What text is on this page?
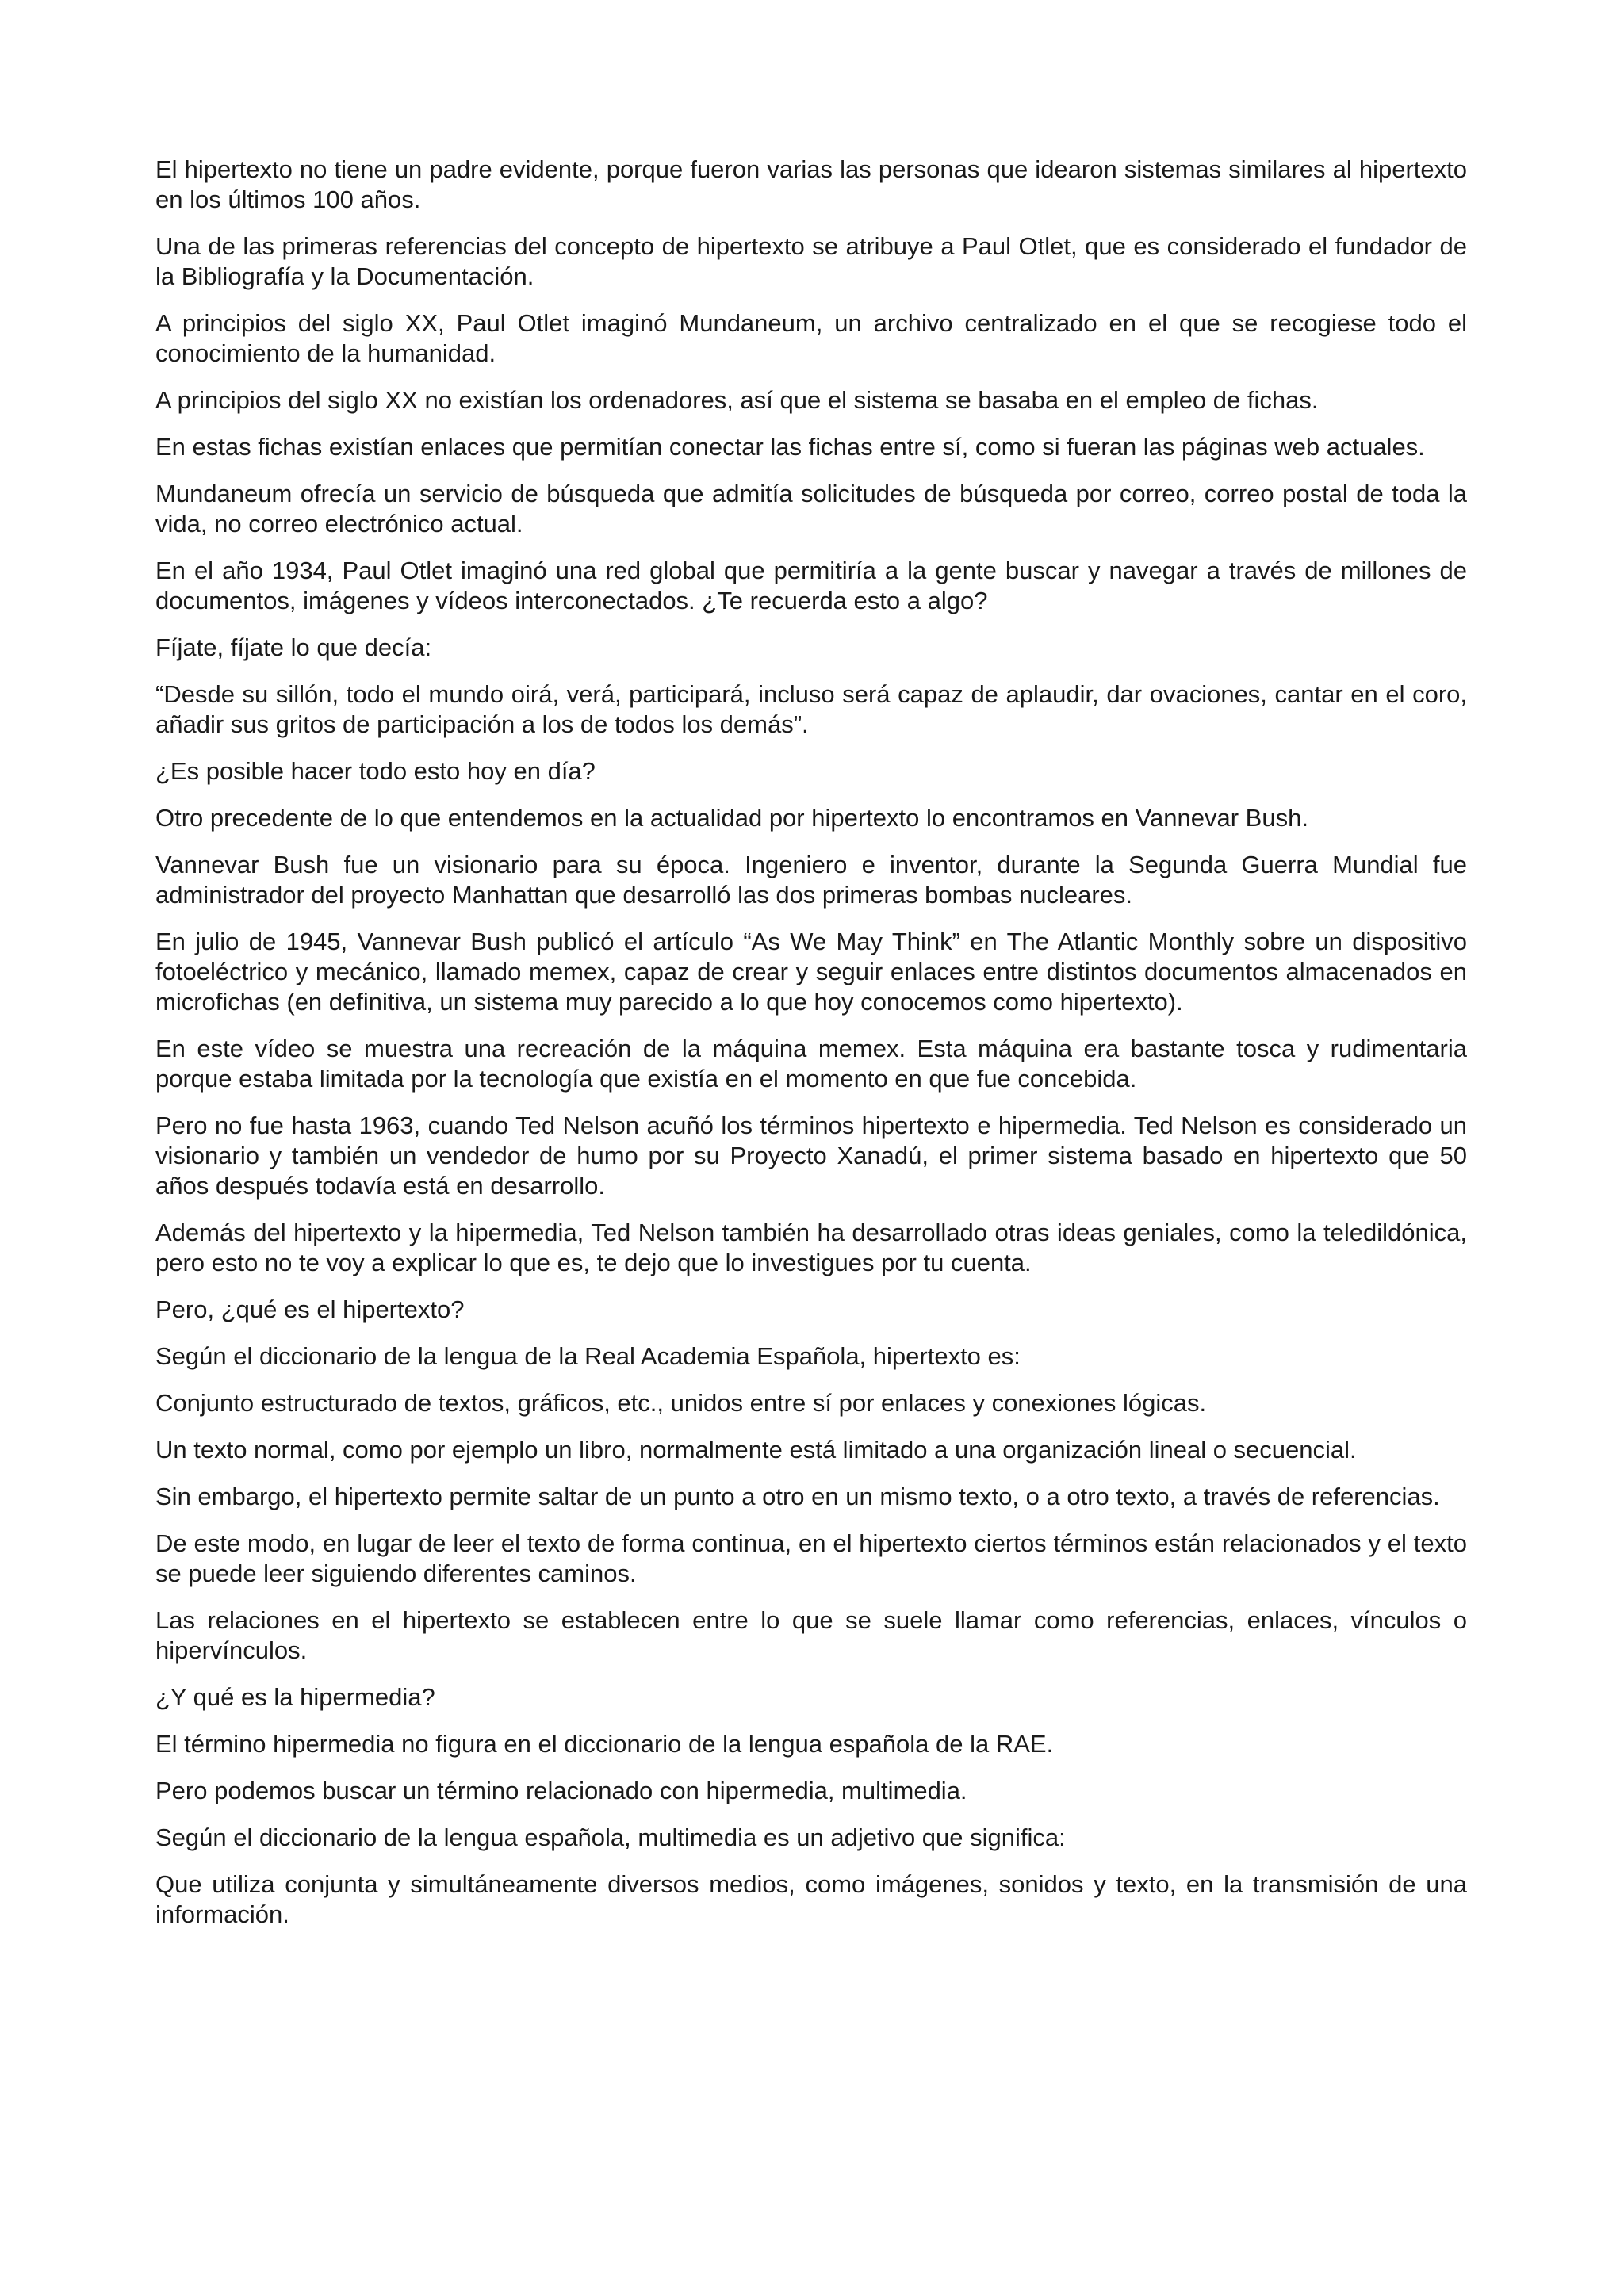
El hipertexto no tiene un padre evidente, porque fueron varias las personas que idearon sistemas similares al hipertexto en los últimos 100 años.

Una de las primeras referencias del concepto de hipertexto se atribuye a Paul Otlet, que es considerado el fundador de la Bibliografía y la Documentación.

A principios del siglo XX, Paul Otlet imaginó Mundaneum, un archivo centralizado en el que se recogiese todo el conocimiento de la humanidad.

A principios del siglo XX no existían los ordenadores, así que el sistema se basaba en el empleo de fichas.

En estas fichas existían enlaces que permitían conectar las fichas entre sí, como si fueran las páginas web actuales.

Mundaneum ofrecía un servicio de búsqueda que admitía solicitudes de búsqueda por correo, correo postal de toda la vida, no correo electrónico actual.

En el año 1934, Paul Otlet imaginó una red global que permitiría a la gente buscar y navegar a través de millones de documentos, imágenes y vídeos interconectados. ¿Te recuerda esto a algo?

Fíjate, fíjate lo que decía:

“Desde su sillón, todo el mundo oirá, verá, participará, incluso será capaz de aplaudir, dar ovaciones, cantar en el coro, añadir sus gritos de participación a los de todos los demás”.

¿Es posible hacer todo esto hoy en día?

Otro precedente de lo que entendemos en la actualidad por hipertexto lo encontramos en Vannevar Bush.

Vannevar Bush fue un visionario para su época. Ingeniero e inventor, durante la Segunda Guerra Mundial fue administrador del proyecto Manhattan que desarrolló las dos primeras bombas nucleares.

En julio de 1945, Vannevar Bush publicó el artículo “As We May Think” en The Atlantic Monthly sobre un dispositivo fotoeléctrico y mecánico, llamado memex, capaz de crear y seguir enlaces entre distintos documentos almacenados en microfichas (en definitiva, un sistema muy parecido a lo que hoy conocemos como hipertexto).

En este vídeo se muestra una recreación de la máquina memex. Esta máquina era bastante tosca y rudimentaria porque estaba limitada por la tecnología que existía en el momento en que fue concebida.

Pero no fue hasta 1963, cuando Ted Nelson acuñó los términos hipertexto e hipermedia. Ted Nelson es considerado un visionario y también un vendedor de humo por su Proyecto Xanadú, el primer sistema basado en hipertexto que 50 años después todavía está en desarrollo.

Además del hipertexto y la hipermedia, Ted Nelson también ha desarrollado otras ideas geniales, como la teledildónica, pero esto no te voy a explicar lo que es, te dejo que lo investigues por tu cuenta.

Pero, ¿qué es el hipertexto?

Según el diccionario de la lengua de la Real Academia Española, hipertexto es:

Conjunto estructurado de textos, gráficos, etc., unidos entre sí por enlaces y conexiones lógicas.

Un texto normal, como por ejemplo un libro, normalmente está limitado a una organización lineal o secuencial.

Sin embargo, el hipertexto permite saltar de un punto a otro en un mismo texto, o a otro texto, a través de referencias.

De este modo, en lugar de leer el texto de forma continua, en el hipertexto ciertos términos están relacionados y el texto se puede leer siguiendo diferentes caminos.

Las relaciones en el hipertexto se establecen entre lo que se suele llamar como referencias, enlaces, vínculos o hipervínculos.

¿Y qué es la hipermedia?

El término hipermedia no figura en el diccionario de la lengua española de la RAE.

Pero podemos buscar un término relacionado con hipermedia, multimedia.

Según el diccionario de la lengua española, multimedia es un adjetivo que significa:

Que utiliza conjunta y simultáneamente diversos medios, como imágenes, sonidos y texto, en la transmisión de una información.
